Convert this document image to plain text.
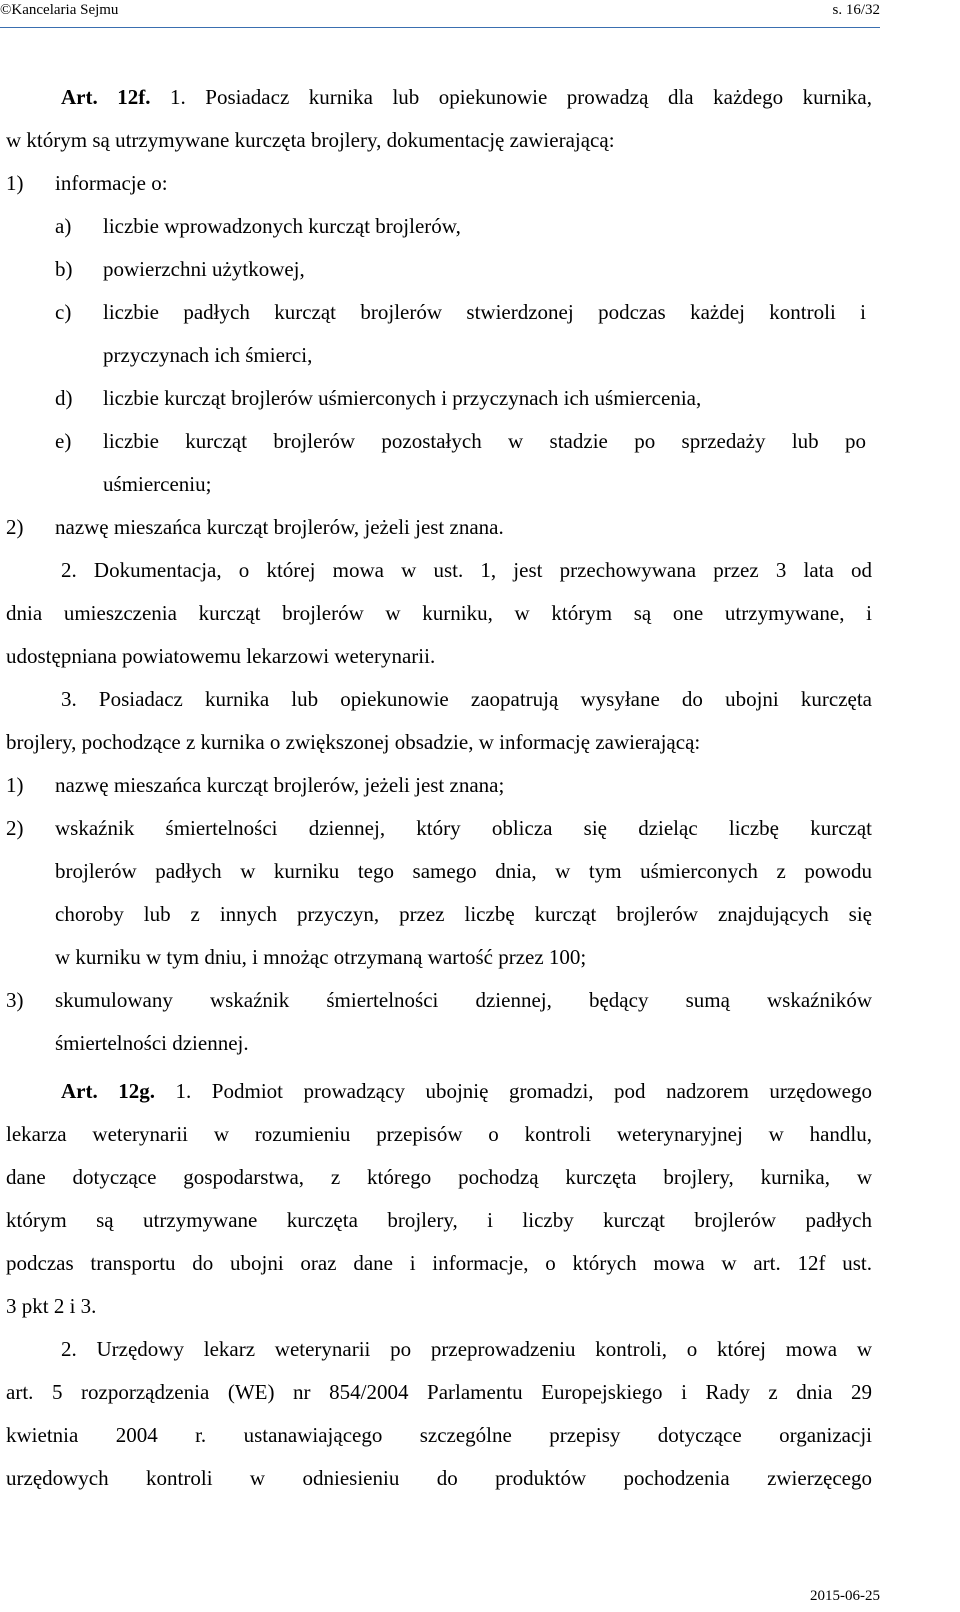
©Kancelaria Sejmu	s. 16/32
Art. 12f. 1. Posiadacz kurnika lub opiekunowie prowadzą dla każdego kurnika,
w którym są utrzymywane kurczęta brojlery, dokumentację zawierającą:
1) informacje o:
a) liczbie wprowadzonych kurcząt brojlerów,
b) powierzchni użytkowej,
c) liczbie padłych kurcząt brojlerów stwierdzonej podczas każdej kontroli i
przyczynach ich śmierci,
d) liczbie kurcząt brojlerów uśmierconych i przyczynach ich uśmiercenia,
e) liczbie kurcząt brojlerów pozostałych w stadzie po sprzedaży lub po
uśmierceniu;
2) nazwę mieszańca kurcząt brojlerów, jeżeli jest znana.
2. Dokumentacja, o której mowa w ust. 1, jest przechowywana przez 3 lata od
dnia umieszczenia kurcząt brojlerów w kurniku, w którym są one utrzymywane, i
udostępniana powiatowemu lekarzowi weterynarii.
3. Posiadacz kurnika lub opiekunowie zaopatrują wysyłane do ubojni kurczęta
brojlery, pochodzące z kurnika o zwiększonej obsadzie, w informację zawierającą:
1) nazwę mieszańca kurcząt brojlerów, jeżeli jest znana;
2) wskaźnik śmiertelności dziennej, który oblicza się dzieląc liczbę kurcząt
brojlerów padłych w kurniku tego samego dnia, w tym uśmierconych z powodu
choroby lub z innych przyczyn, przez liczbę kurcząt brojlerów znajdujących się
w kurniku w tym dniu, i mnożąc otrzymaną wartość przez 100;
3) skumulowany wskaźnik śmiertelności dziennej, będący sumą wskaźników
śmiertelności dziennej.
Art. 12g. 1. Podmiot prowadzący ubojnię gromadzi, pod nadzorem urzędowego
lekarza weterynarii w rozumieniu przepisów o kontroli weterynaryjnej w handlu,
dane dotyczące gospodarstwa, z którego pochodzą kurczęta brojlery, kurnika, w
którym są utrzymywane kurczęta brojlery, i liczby kurcząt brojlerów padłych
podczas transportu do ubojni oraz dane i informacje, o których mowa w art. 12f ust.
3 pkt 2 i 3.
2. Urzędowy lekarz weterynarii po przeprowadzeniu kontroli, o której mowa w
art. 5 rozporządzenia (WE) nr 854/2004 Parlamentu Europejskiego i Rady z dnia 29
kwietnia 2004 r. ustanawiającego szczególne przepisy dotyczące organizacji
urzędowych kontroli w odniesieniu do produktów pochodzenia zwierzęcego
2015-06-25
